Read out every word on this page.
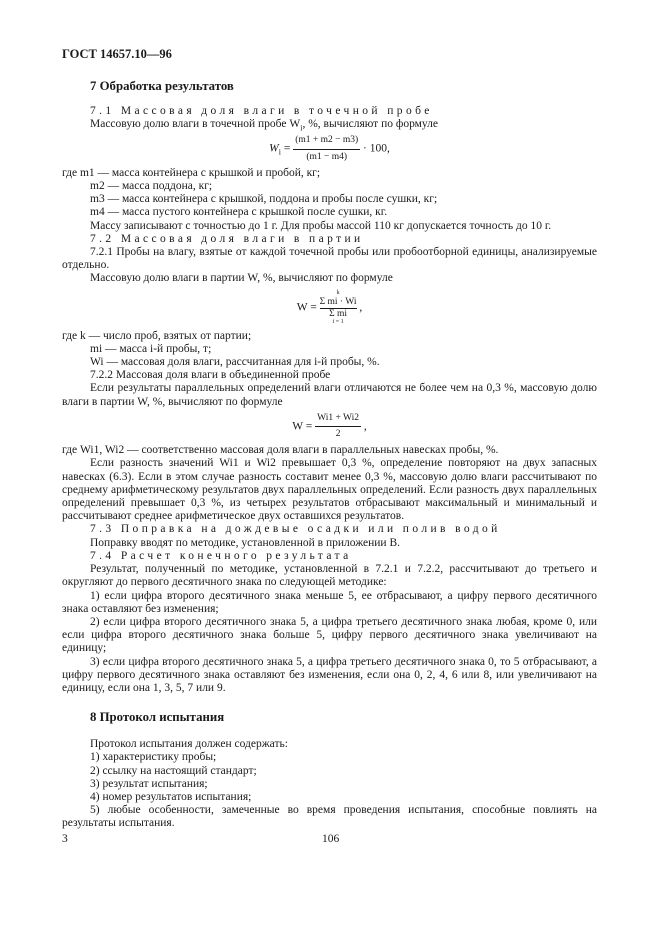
ГОСТ 14657.10—96
7 Обработка результатов

7.1 Массовая доля влаги в точечной пробе

Массовую долю влаги в точечной пробе $W_i$, %, вычисляют по формуле

$W_i = \frac{(m1 + m2 - m3)}{(m1 - m4)} \cdot 100$,

где m1 — масса контейнера с крышкой и пробой, кг;

m2 — масса поддона, кг;

m3 — масса контейнера с крышкой, поддона и пробы после сушки, кг;

m4 — масса пустого контейнера с крышкой после сушки, кг.

Массу записывают с точностью до 1 г. Для пробы массой 110 кг допускается точность до 10 г.

7.2 Массовая доля влаги в партии

7.2.1 Пробы на влагу, взятые от каждой точечной пробы или пробоотборной единицы, анализируемые отдельно.

Массовую долю влаги в партии W, %, вычисляют по формуле

W = k
Σ mi · Wi
Σ mi
i = 1 ,

где k — число проб, взятых от партии;

mi — масса i-й пробы, т;

Wi — массовая доля влаги, рассчитанная для i-й пробы, %.

7.2.2 Массовая доля влаги в объединенной пробе

Если результаты параллельных определений влаги отличаются не более чем на 0,3 %, массовую долю влаги в партии W, %, вычисляют по формуле

$W = \frac{Wi1 + Wi2}{2}$ ,

где Wi1, Wi2 — соответственно массовая доля влаги в параллельных навесках пробы, %.

Если разность значений Wi1 и Wi2 превышает 0,3 %, определение повторяют на двух запасных навесках (6.3). Если в этом случае разность составит менее 0,3 %, массовую долю влаги рассчитывают по среднему арифметическому результатов двух параллельных определений. Если разность двух параллельных определений превышает 0,3 %, из четырех результатов отбрасывают максимальный и минимальный и рассчитывают среднее арифметическое двух оставшихся результатов.

7.3 Поправка на дождевые осадки или полив водой

Поправку вводят по методике, установленной в приложении В.

7.4 Расчет конечного результата

Результат, полученный по методике, установленной в 7.2.1 и 7.2.2, рассчитывают до третьего и округляют до первого десятичного знака по следующей методике:

1) если цифра второго десятичного знака меньше 5, ее отбрасывают, а цифру первого десятичного знака оставляют без изменения;

2) если цифра второго десятичного знака 5, а цифра третьего десятичного знака любая, кроме 0, или если цифра второго десятичного знака больше 5, цифру первого десятичного знака увеличивают на единицу;

3) если цифра второго десятичного знака 5, а цифра третьего десятичного знака 0, то 5 отбрасывают, а цифру первого десятичного знака оставляют без изменения, если она 0, 2, 4, 6 или 8, или увеличивают на единицу, если она 1, 3, 5, 7 или 9.

8 Протокол испытания

Протокол испытания должен содержать:

1) характеристику пробы;

2) ссылку на настоящий стандарт;

3) результат испытания;

4) номер результатов испытания;

5) любые особенности, замеченные во время проведения испытания, способные повлиять на результаты испытания.

3	106
